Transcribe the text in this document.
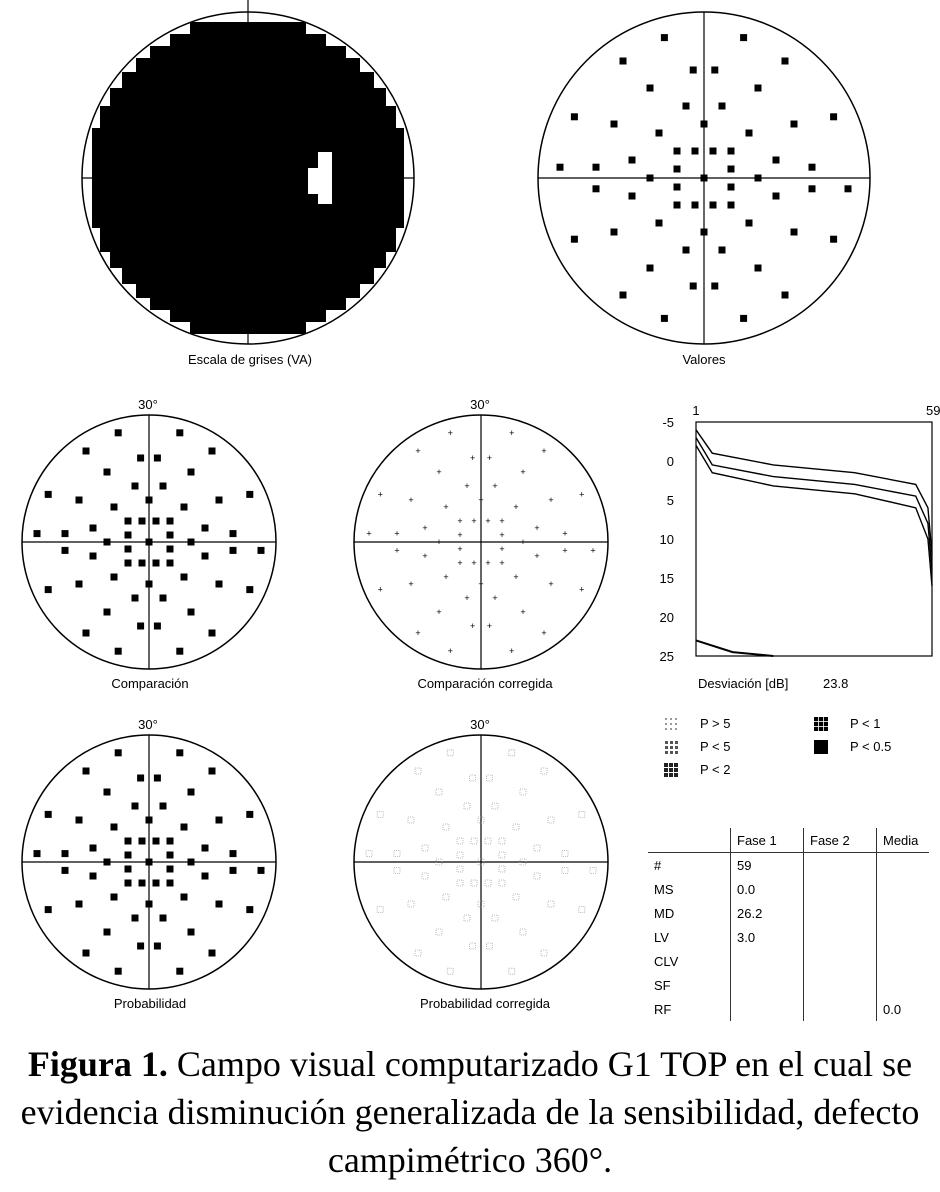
Escala de grises (VA)	Valores
30°
Comparación
30°
+ + + +
+	+
+	+
+ + + +
+
+
+	+
+	+
+	+
+
+
+
+
+	+
+	+
+
+	+
+
+
+	+
+
+
+
+
+
+ +
+ +
+
+	+
+
+
+	+
+
+	+
+	+
+
+
+
Comparación corregida
30°
Probabilidad
30°
Probabilidad corregida
-5
0
5
10
15
20
25
1	59
Desviación [dB]	23.8
P > 5
P < 5
P < 2
P < 1
P < 0.5
	Fase 1	Fase 2	Media
#	59		
MS	0.0		
MD	26.2		
LV	3.0		
CLV			
SF			
RF			0.0
Figura 1. Campo visual computarizado G1 TOP en el cual se evidencia disminución generalizada de la sensibilidad, defecto campimétrico 360°.
